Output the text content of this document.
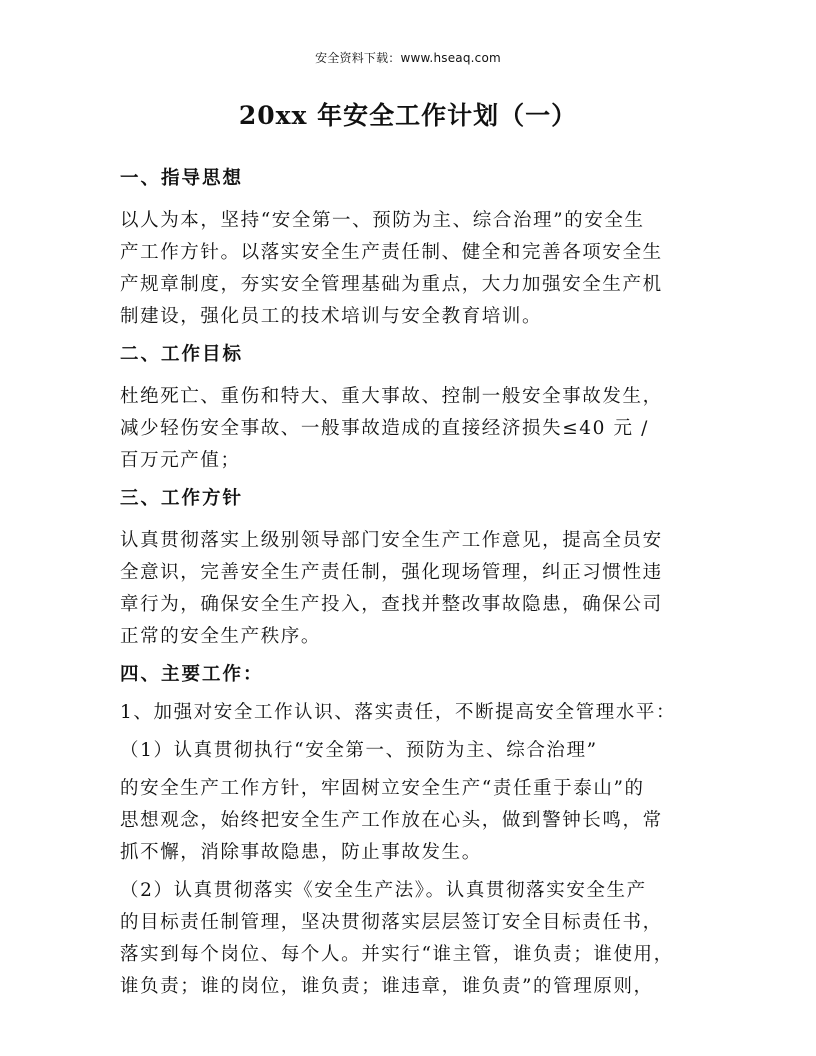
安全资料下载：www.hseaq.com
20xx 年安全工作计划（一）

一、指导思想

以人为本，坚持“安全第一、预防为主、综合治理”的安全生
产工作方针。以落实安全生产责任制、健全和完善各项安全生
产规章制度，夯实安全管理基础为重点，大力加强安全生产机
制建设，强化员工的技术培训与安全教育培训。

二、工作目标

杜绝死亡、重伤和特大、重大事故、控制一般安全事故发生，
减少轻伤安全事故、一般事故造成的直接经济损失≤40 元 /
百万元产值；

三、工作方针

认真贯彻落实上级别领导部门安全生产工作意见，提高全员安
全意识，完善安全生产责任制，强化现场管理，纠正习惯性违
章行为，确保安全生产投入，查找并整改事故隐患，确保公司
正常的安全生产秩序。

四、主要工作：

1、加强对安全工作认识、落实责任，不断提高安全管理水平：

（1）认真贯彻执行“安全第一、预防为主、综合治理”

的安全生产工作方针，牢固树立安全生产“责任重于泰山”的
思想观念，始终把安全生产工作放在心头，做到警钟长鸣，常
抓不懈，消除事故隐患，防止事故发生。

（2）认真贯彻落实《安全生产法》。认真贯彻落实安全生产
的目标责任制管理，坚决贯彻落实层层签订安全目标责任书，
落实到每个岗位、每个人。并实行“谁主管，谁负责；谁使用，
谁负责；谁的岗位，谁负责；谁违章，谁负责”的管理原则，
